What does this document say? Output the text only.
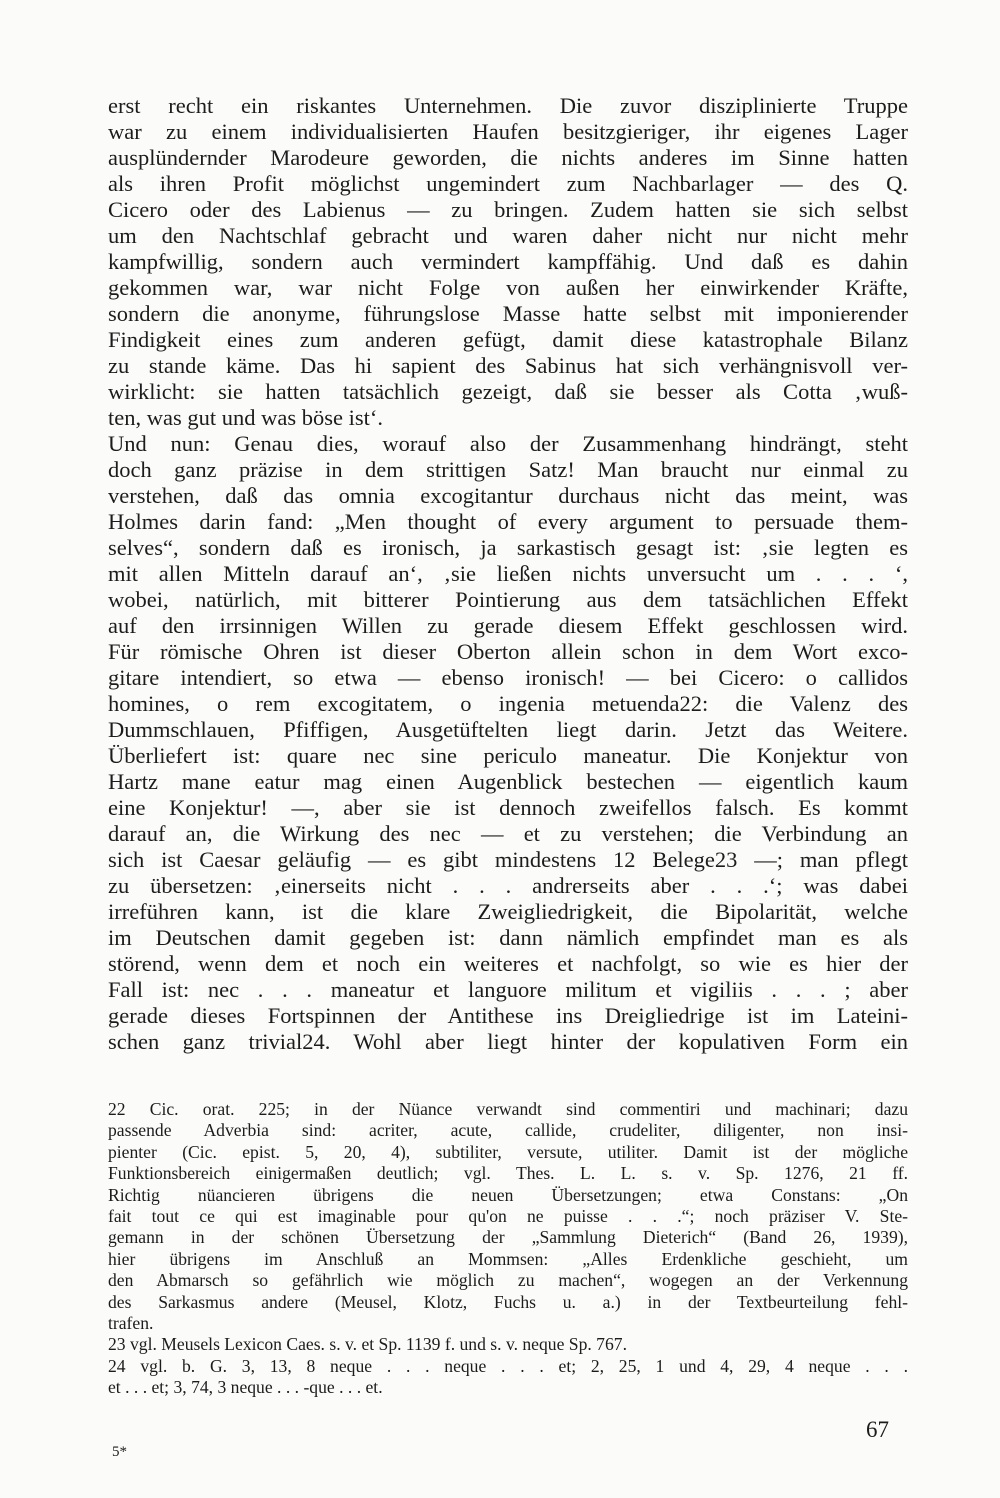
erst recht ein riskantes Unternehmen. Die zuvor disziplinierte Truppe
war zu einem individualisierten Haufen besitzgieriger, ihr eigenes Lager
ausplündernder Marodeure geworden, die nichts anderes im Sinne hatten
als ihren Profit möglichst ungemindert zum Nachbarlager — des Q.
Cicero oder des Labienus — zu bringen. Zudem hatten sie sich selbst
um den Nachtschlaf gebracht und waren daher nicht nur nicht mehr
kampfwillig, sondern auch vermindert kampffähig. Und daß es dahin
gekommen war, war nicht Folge von außen her einwirkender Kräfte,
sondern die anonyme, führungslose Masse hatte selbst mit imponierender
Findigkeit eines zum anderen gefügt, damit diese katastrophale Bilanz
zu stande käme. Das hi sapient des Sabinus hat sich verhängnisvoll ver-
wirklicht: sie hatten tatsächlich gezeigt, daß sie besser als Cotta ‚wuß-
ten, was gut und was böse ist‘.
Und nun: Genau dies, worauf also der Zusammenhang hindrängt, steht
doch ganz präzise in dem strittigen Satz! Man braucht nur einmal zu
verstehen, daß das omnia excogitantur durchaus nicht das meint, was
Holmes darin fand: „Men thought of every argument to persuade them-
selves“, sondern daß es ironisch, ja sarkastisch gesagt ist: ‚sie legten es
mit allen Mitteln darauf an‘, ‚sie ließen nichts unversucht um . . . ‘,
wobei, natürlich, mit bitterer Pointierung aus dem tatsächlichen Effekt
auf den irrsinnigen Willen zu gerade diesem Effekt geschlossen wird.
Für römische Ohren ist dieser Oberton allein schon in dem Wort exco-
gitare intendiert, so etwa — ebenso ironisch! — bei Cicero: o callidos
homines, o rem excogitatem, o ingenia metuenda22: die Valenz des
Dummschlauen, Pfiffigen, Ausgetüftelten liegt darin. Jetzt das Weitere.
Überliefert ist: quare nec sine periculo maneatur. Die Konjektur von
Hartz mane eatur mag einen Augenblick bestechen — eigentlich kaum
eine Konjektur! —, aber sie ist dennoch zweifellos falsch. Es kommt
darauf an, die Wirkung des nec — et zu verstehen; die Verbindung an
sich ist Caesar geläufig — es gibt mindestens 12 Belege23 —; man pflegt
zu übersetzen: ‚einerseits nicht . . . andrerseits aber . . .‘; was dabei
irreführen kann, ist die klare Zweigliedrigkeit, die Bipolarität, welche
im Deutschen damit gegeben ist: dann nämlich empfindet man es als
störend, wenn dem et noch ein weiteres et nachfolgt, so wie es hier der
Fall ist: nec . . . maneatur et languore militum et vigiliis . . . ; aber
gerade dieses Fortspinnen der Antithese ins Dreigliedrige ist im Lateini-
schen ganz trivial24. Wohl aber liegt hinter der kopulativen Form ein
22 Cic. orat. 225; in der Nüance verwandt sind commentiri und machinari; dazu
passende Adverbia sind: acriter, acute, callide, crudeliter, diligenter, non insi-
pienter (Cic. epist. 5, 20, 4), subtiliter, versute, utiliter. Damit ist der mögliche
Funktionsbereich einigermaßen deutlich; vgl. Thes. L. L. s. v. Sp. 1276, 21 ff.
Richtig nüancieren übrigens die neuen Übersetzungen; etwa Constans: „On
fait tout ce qui est imaginable pour qu'on ne puisse . . .“; noch präziser V. Ste-
gemann in der schönen Übersetzung der „Sammlung Dieterich“ (Band 26, 1939),
hier übrigens im Anschluß an Mommsen: „Alles Erdenkliche geschieht, um
den Abmarsch so gefährlich wie möglich zu machen“, wogegen an der Verkennung
des Sarkasmus andere (Meusel, Klotz, Fuchs u. a.) in der Textbeurteilung fehl-
trafen.
23 vgl. Meusels Lexicon Caes. s. v. et Sp. 1139 f. und s. v. neque Sp. 767.
24 vgl. b. G. 3, 13, 8 neque . . . neque . . . et; 2, 25, 1 und 4, 29, 4 neque . . .
et . . . et; 3, 74, 3 neque . . . -que . . . et.
67
5*
